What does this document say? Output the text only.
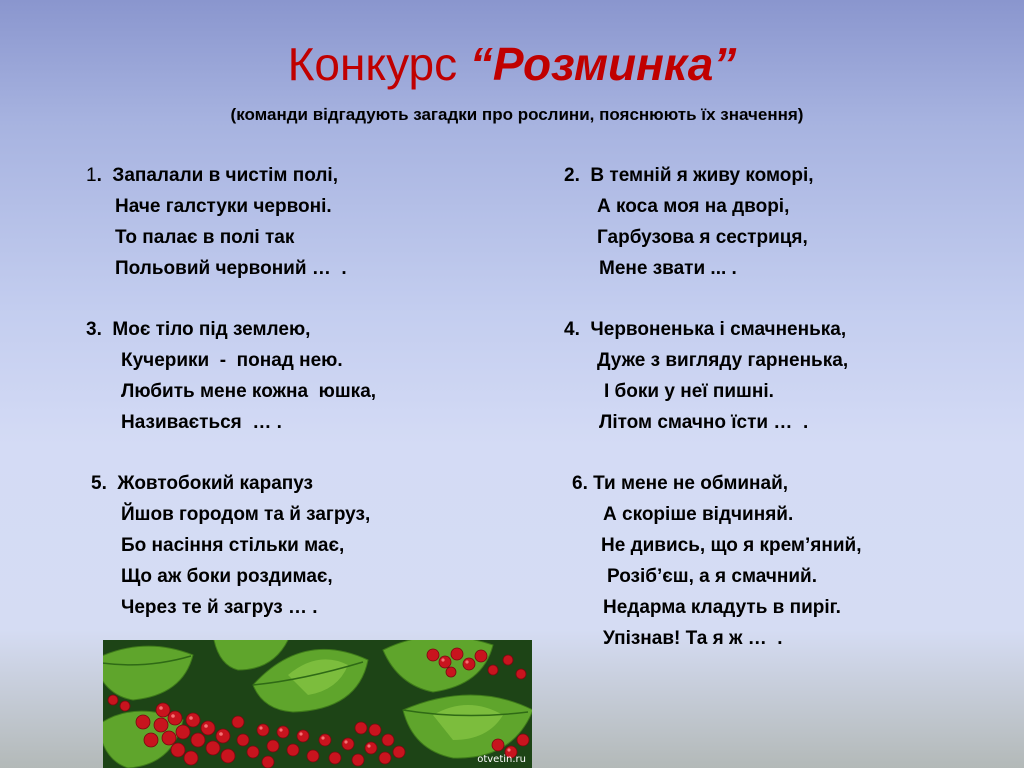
Конкурс “Розминка”
(команди відгадують загадки про рослини, пояснюють їх значення)
1.  Запалали в чистім полі,
Наче галстуки червоні.
То палає в полі так
Польовий червоний …  .
2.  В темній я живу коморі,
А коса моя на дворі,
Гарбузова я сестриця,
Мене звати ... .
3.  Моє тіло під землею,
Кучерики  -  понад нею.
Любить мене кожна  юшка,
Називається  … .
4.  Червоненька і смачненька,
Дуже з вигляду гарненька,
І боки у неї пишні.
Літом смачно їсти …  .
5.  Жовтобокий карапуз
Йшов городом та й загруз,
Бо насіння стільки має,
Що аж боки роздимає,
Через те й загруз … .
6. Ти мене не обминай,
А скоріше відчиняй.
Не дивись, що я крем’яний,
Розіб’єш, а я смачний.
Недарма кладуть в пиріг.
Упізнав! Та я ж …  .
otvetin.ru
